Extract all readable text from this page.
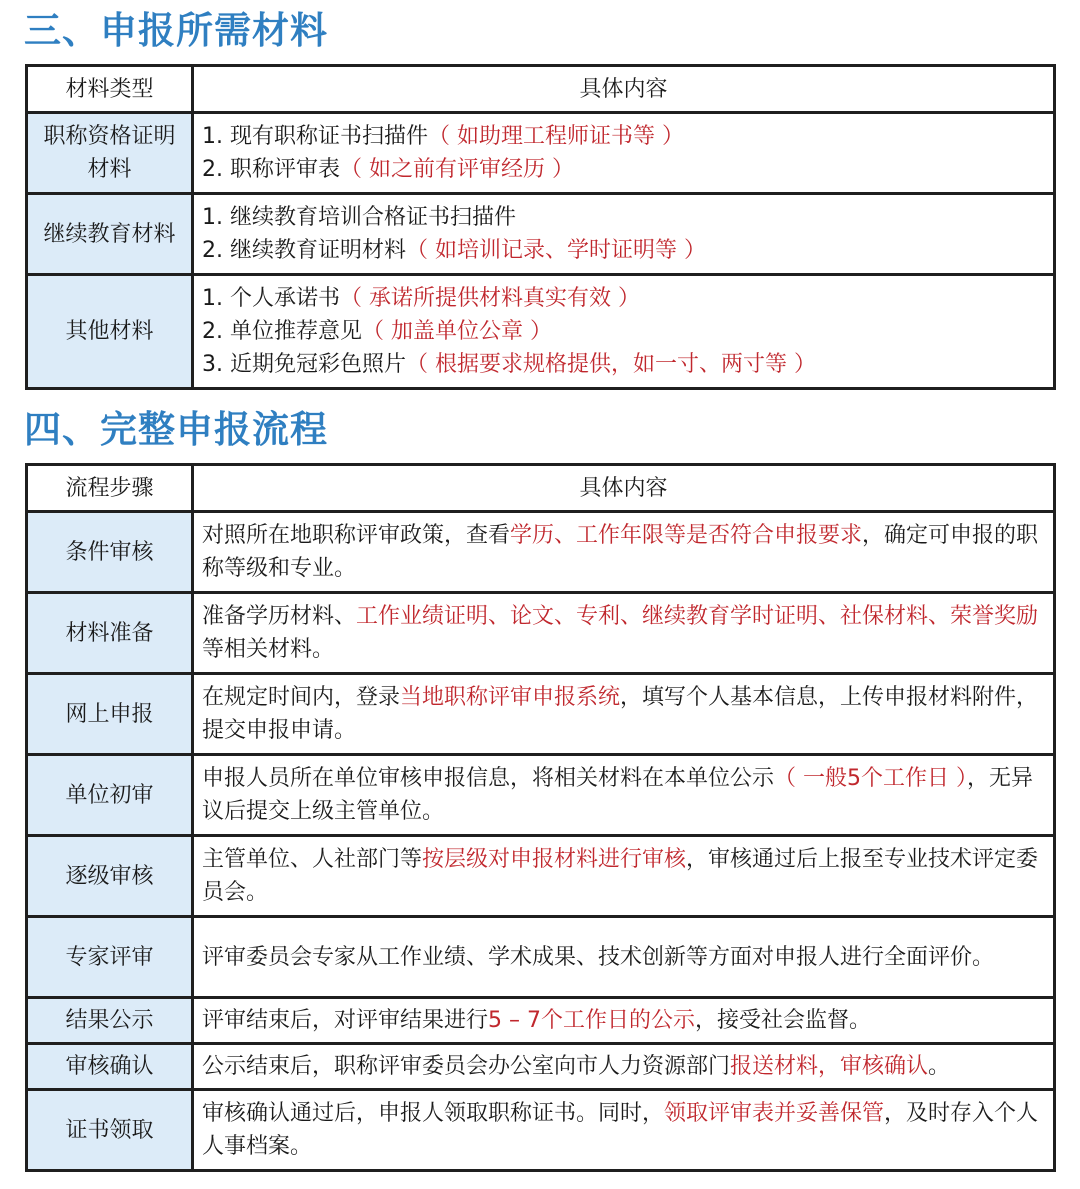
三、申报所需材料
材料类型	具体内容
职称资格证明材料	1. 现有职称证书扫描件（ 如助理工程师证书等 ）
2. 职称评审表（ 如之前有评审经历 ）

继续教育材料	1. 继续教育培训合格证书扫描件
2. 继续教育证明材料（ 如培训记录、学时证明等 ）

其他材料	1. 个人承诺书（ 承诺所提供材料真实有效 ）
2. 单位推荐意见（ 加盖单位公章 ）
3. 近期免冠彩色照片（ 根据要求规格提供，如一寸、两寸等 ）
四、完整申报流程
流程步骤	具体内容
条件审核	对照所在地职称评审政策，查看学历、工作年限等是否符合申报要求，确定可申报的职称等级和专业。

材料准备	准备学历材料、工作业绩证明、论文、专利、继续教育学时证明、社保材料、荣誉奖励等相关材料。

网上申报	在规定时间内，登录当地职称评审申报系统，填写个人基本信息，上传申报材料附件，提交申报申请。

单位初审	申报人员所在单位审核申报信息，将相关材料在本单位公示（ 一般5个工作日 ），无异议后提交上级主管单位。

逐级审核	主管单位、人社部门等按层级对申报材料进行审核，审核通过后上报至专业技术评定委员会。

专家评审	评审委员会专家从工作业绩、学术成果、技术创新等方面对申报人进行全面评价。

结果公示	评审结束后，对评审结果进行5 – 7个工作日的公示，接受社会监督。

审核确认	公示结束后，职称评审委员会办公室向市人力资源部门报送材料，审核确认。

证书领取	审核确认通过后，申报人领取职称证书。同时，领取评审表并妥善保管，及时存入个人人事档案。
